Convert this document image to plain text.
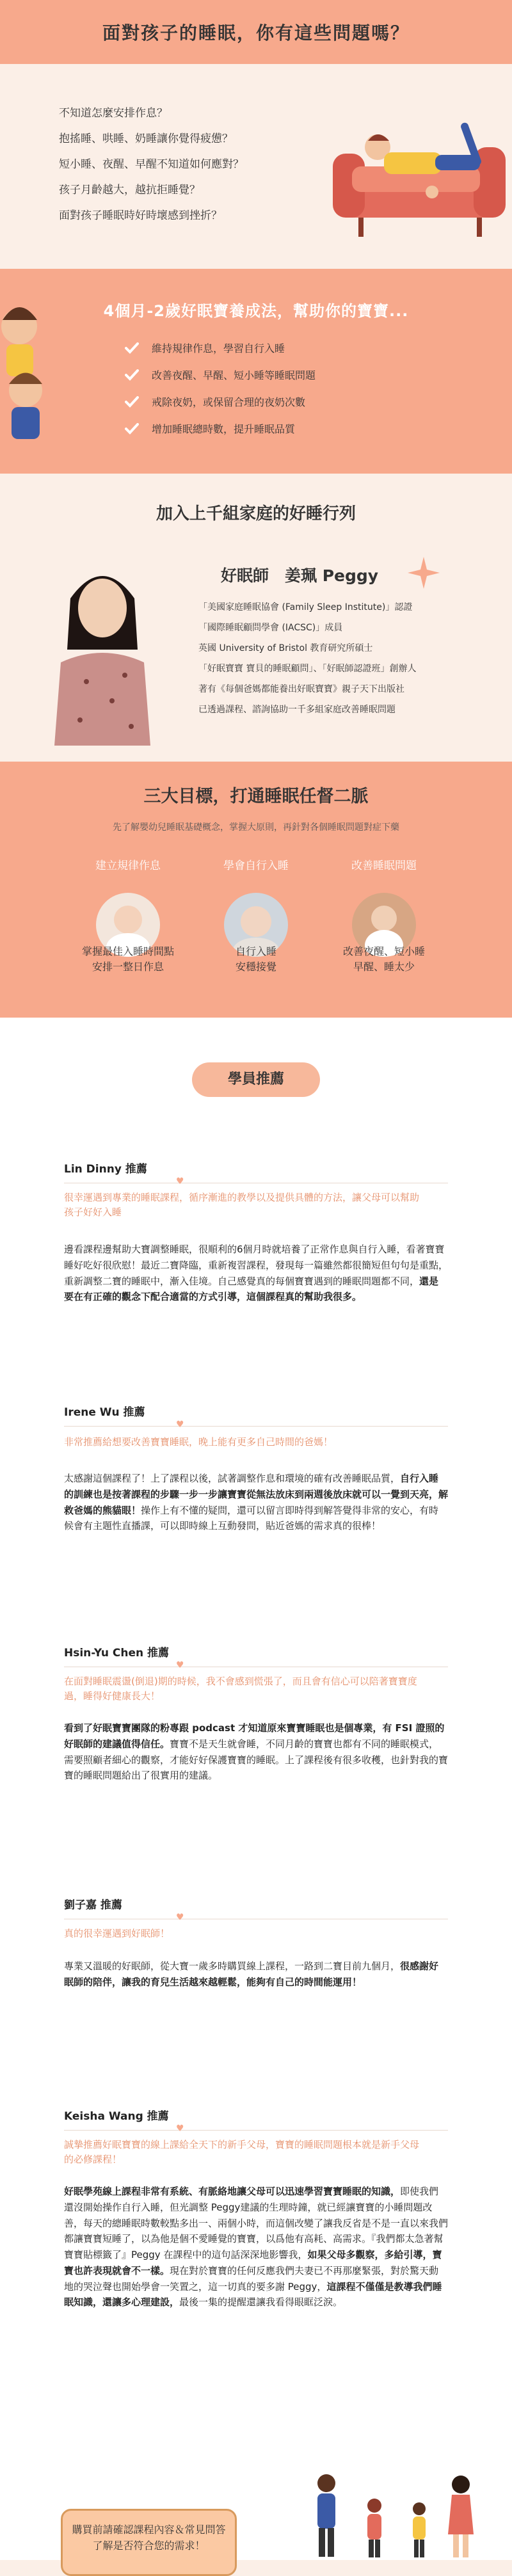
面對孩子的睡眠，你有這些問題嗎？
不知道怎麼安排作息？
抱搖睡、哄睡、奶睡讓你覺得疲憊？
短小睡、夜醒、早醒不知道如何應對？
孩子月齡越大，越抗拒睡覺？
面對孩子睡眠時好時壞感到挫折？
4個月-2歲好眠寶養成法，幫助你的寶寶...
維持規律作息，學習自行入睡
改善夜醒、早醒、短小睡等睡眠問題
戒除夜奶，或保留合理的夜奶次數
增加睡眠總時數，提升睡眠品質
加入上千組家庭的好睡行列
好眠師　姜珮 Peggy
「美國家庭睡眠協會 (Family Sleep Institute)」認證
「國際睡眠顧問學會 (IACSC)」成員
英國 University of Bristol 教育研究所碩士
「好眠寶寶 寶貝的睡眠顧問」、「好眠師認證班」創辦人
著有《每個爸媽都能養出好眠寶寶》親子天下出版社
已透過課程、諮詢協助一千多組家庭改善睡眠問題
三大目標，打通睡眠任督二脈
先了解嬰幼兒睡眠基礎概念，掌握大原則，再針對各個睡眠問題對症下藥
建立規律作息	學會自行入睡	改善睡眠問題
掌握最佳入睡時間點
安排一整日作息
自行入睡
安穩接覺
改善夜醒、短小睡
早醒、睡太少
學員推薦
Lin Dinny 推薦
♥
很幸運遇到專業的睡眠課程，循序漸進的教學以及提供具體的方法，讓父母可以幫助孩子好好入睡
邊看課程邊幫助大寶調整睡眠，很順利的6個月時就培養了正常作息與自行入睡，看著寶寶睡好吃好很欣慰！最近二寶降臨，重新複習課程，發現每一篇雖然都很簡短但句句是重點，重新調整二寶的睡眠中，漸入佳境。自己感覺真的每個寶寶遇到的睡眠問題都不同，還是要在有正確的觀念下配合適當的方式引導，這個課程真的幫助我很多。
Irene Wu 推薦
♥
非常推薦給想要改善寶寶睡眠，晚上能有更多自己時間的爸媽！
太感謝這個課程了！上了課程以後，試著調整作息和環境的確有改善睡眠品質，自行入睡的訓練也是按著課程的步驟一步一步讓寶寶從無法放床到兩週後放床就可以一覺到天亮，解救爸媽的熊貓眼！操作上有不懂的疑問，還可以留言即時得到解答覺得非常的安心，有時候會有主題性直播課，可以即時線上互動發問，貼近爸媽的需求真的很棒！
Hsin-Yu Chen 推薦
♥
在面對睡眠震盪(倒退)期的時候，我不會感到慌張了，而且會有信心可以陪著寶寶度過，睡得好健康長大！
看到了好眠寶寶團隊的粉專跟 podcast 才知道原來寶寶睡眠也是個專業，有 FSI 證照的好眠師的建議值得信任。寶寶不是天生就會睡，不同月齡的寶寶也都有不同的睡眠模式，需要照顧者細心的觀察，才能好好保護寶寶的睡眠。上了課程後有很多收穫，也針對我的寶寶的睡眠問題給出了很實用的建議。
劉子嘉 推薦
♥
真的很幸運遇到好眠師！
專業又溫暖的好眠師，從大寶一歲多時購買線上課程，一路到二寶目前九個月，很感謝好眠師的陪伴，讓我的育兒生活越來越輕鬆，能夠有自己的時間能運用！
Keisha Wang 推薦
♥
誠摯推薦好眠寶寶的線上課給全天下的新手父母，寶寶的睡眠問題根本就是新手父母的必修課程！
好眠學苑線上課程非常有系統、有脈絡地讓父母可以迅速學習寶寶睡眠的知識，即使我們還沒開始操作自行入睡，但光調整 Peggy建議的生理時鐘，就已經讓寶寶的小睡問題改善，每天的總睡眠時數較點多出一、兩個小時，而這個改變了讓我反省是不是一直以來我們都讓寶寶短睡了，以為他是個不愛睡覺的寶寶，以爲他有高耗、高需求。『我們都太急著幫寶寶貼標籤了』Peggy 在課程中的這句話深深地影響我，如果父母多觀察，多給引導，寶寶也許表現就會不一樣。現在對於寶寶的任何反應我們夫妻已不再那麼緊張，對於驚天動地的哭泣聲也開始學會一笑置之，這一切真的要多謝 Peggy，這課程不僅僅是教導我們睡眠知識，還讓多心理建設，最後一集的提醒還讓我看得眼眶泛淚。
購買前請確認課程內容＆常見問答
了解是否符合您的需求！
